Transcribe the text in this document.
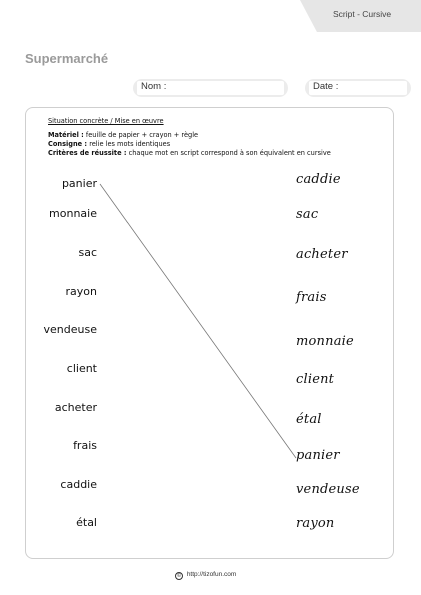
Script - Cursive
Supermarché
Nom :	Date :
Situation concrète / Mise en œuvre
Matériel : feuille de papier + crayon + règle
Consigne : relie les mots identiques
Critères de réussite : chaque mot en script correspond à son équivalent en cursive
panier
monnaie
sac
rayon
vendeuse
client
acheter
frais
caddie
étal
caddie
sac
acheter
frais
monnaie
client
étal
panier
vendeuse
rayon
© http://tizofun.com
